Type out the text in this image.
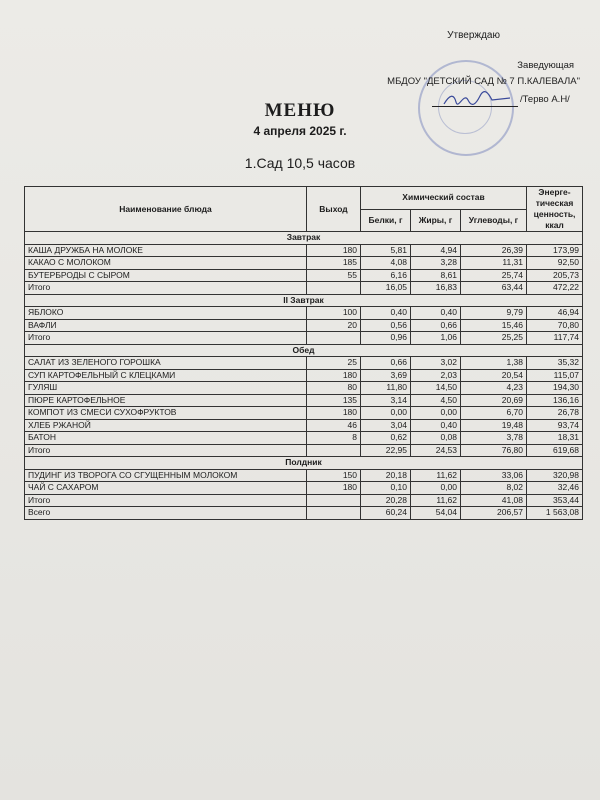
Утверждаю
Заведующая
МБДОУ "ДЕТСКИЙ САД № 7 П.КАЛЕВАЛА"
/Терво А.Н/
МЕНЮ
4 апреля 2025 г.
1.Сад 10,5 часов
Наименование блюда	Выход	Химический состав			Энерге-
тическая
ценность,
ккал
		Белки, г	Жиры, г	Углеводы, г	
Завтрак					
КАША ДРУЖБА НА МОЛОКЕ	180	5,81	4,94	26,39	173,99
КАКАО С МОЛОКОМ	185	4,08	3,28	11,31	92,50
БУТЕРБРОДЫ С СЫРОМ	55	6,16	8,61	25,74	205,73
Итого		16,05	16,83	63,44	472,22
II Завтрак					
ЯБЛОКО	100	0,40	0,40	9,79	46,94
ВАФЛИ	20	0,56	0,66	15,46	70,80
Итого		0,96	1,06	25,25	117,74
Обед					
САЛАТ ИЗ ЗЕЛЕНОГО ГОРОШКА	25	0,66	3,02	1,38	35,32
СУП КАРТОФЕЛЬНЫЙ С КЛЕЦКАМИ	180	3,69	2,03	20,54	115,07
ГУЛЯШ	80	11,80	14,50	4,23	194,30
ПЮРЕ КАРТОФЕЛЬНОЕ	135	3,14	4,50	20,69	136,16
КОМПОТ ИЗ СМЕСИ СУХОФРУКТОВ	180	0,00	0,00	6,70	26,78
ХЛЕБ РЖАНОЙ	46	3,04	0,40	19,48	93,74
БАТОН	8	0,62	0,08	3,78	18,31
Итого		22,95	24,53	76,80	619,68
Полдник					
ПУДИНГ ИЗ ТВОРОГА СО СГУЩЕННЫМ МОЛОКОМ	150	20,18	11,62	33,06	320,98
ЧАЙ С САХАРОМ	180	0,10	0,00	8,02	32,46
Итого		20,28	11,62	41,08	353,44
Всего		60,24	54,04	206,57	1 563,08
